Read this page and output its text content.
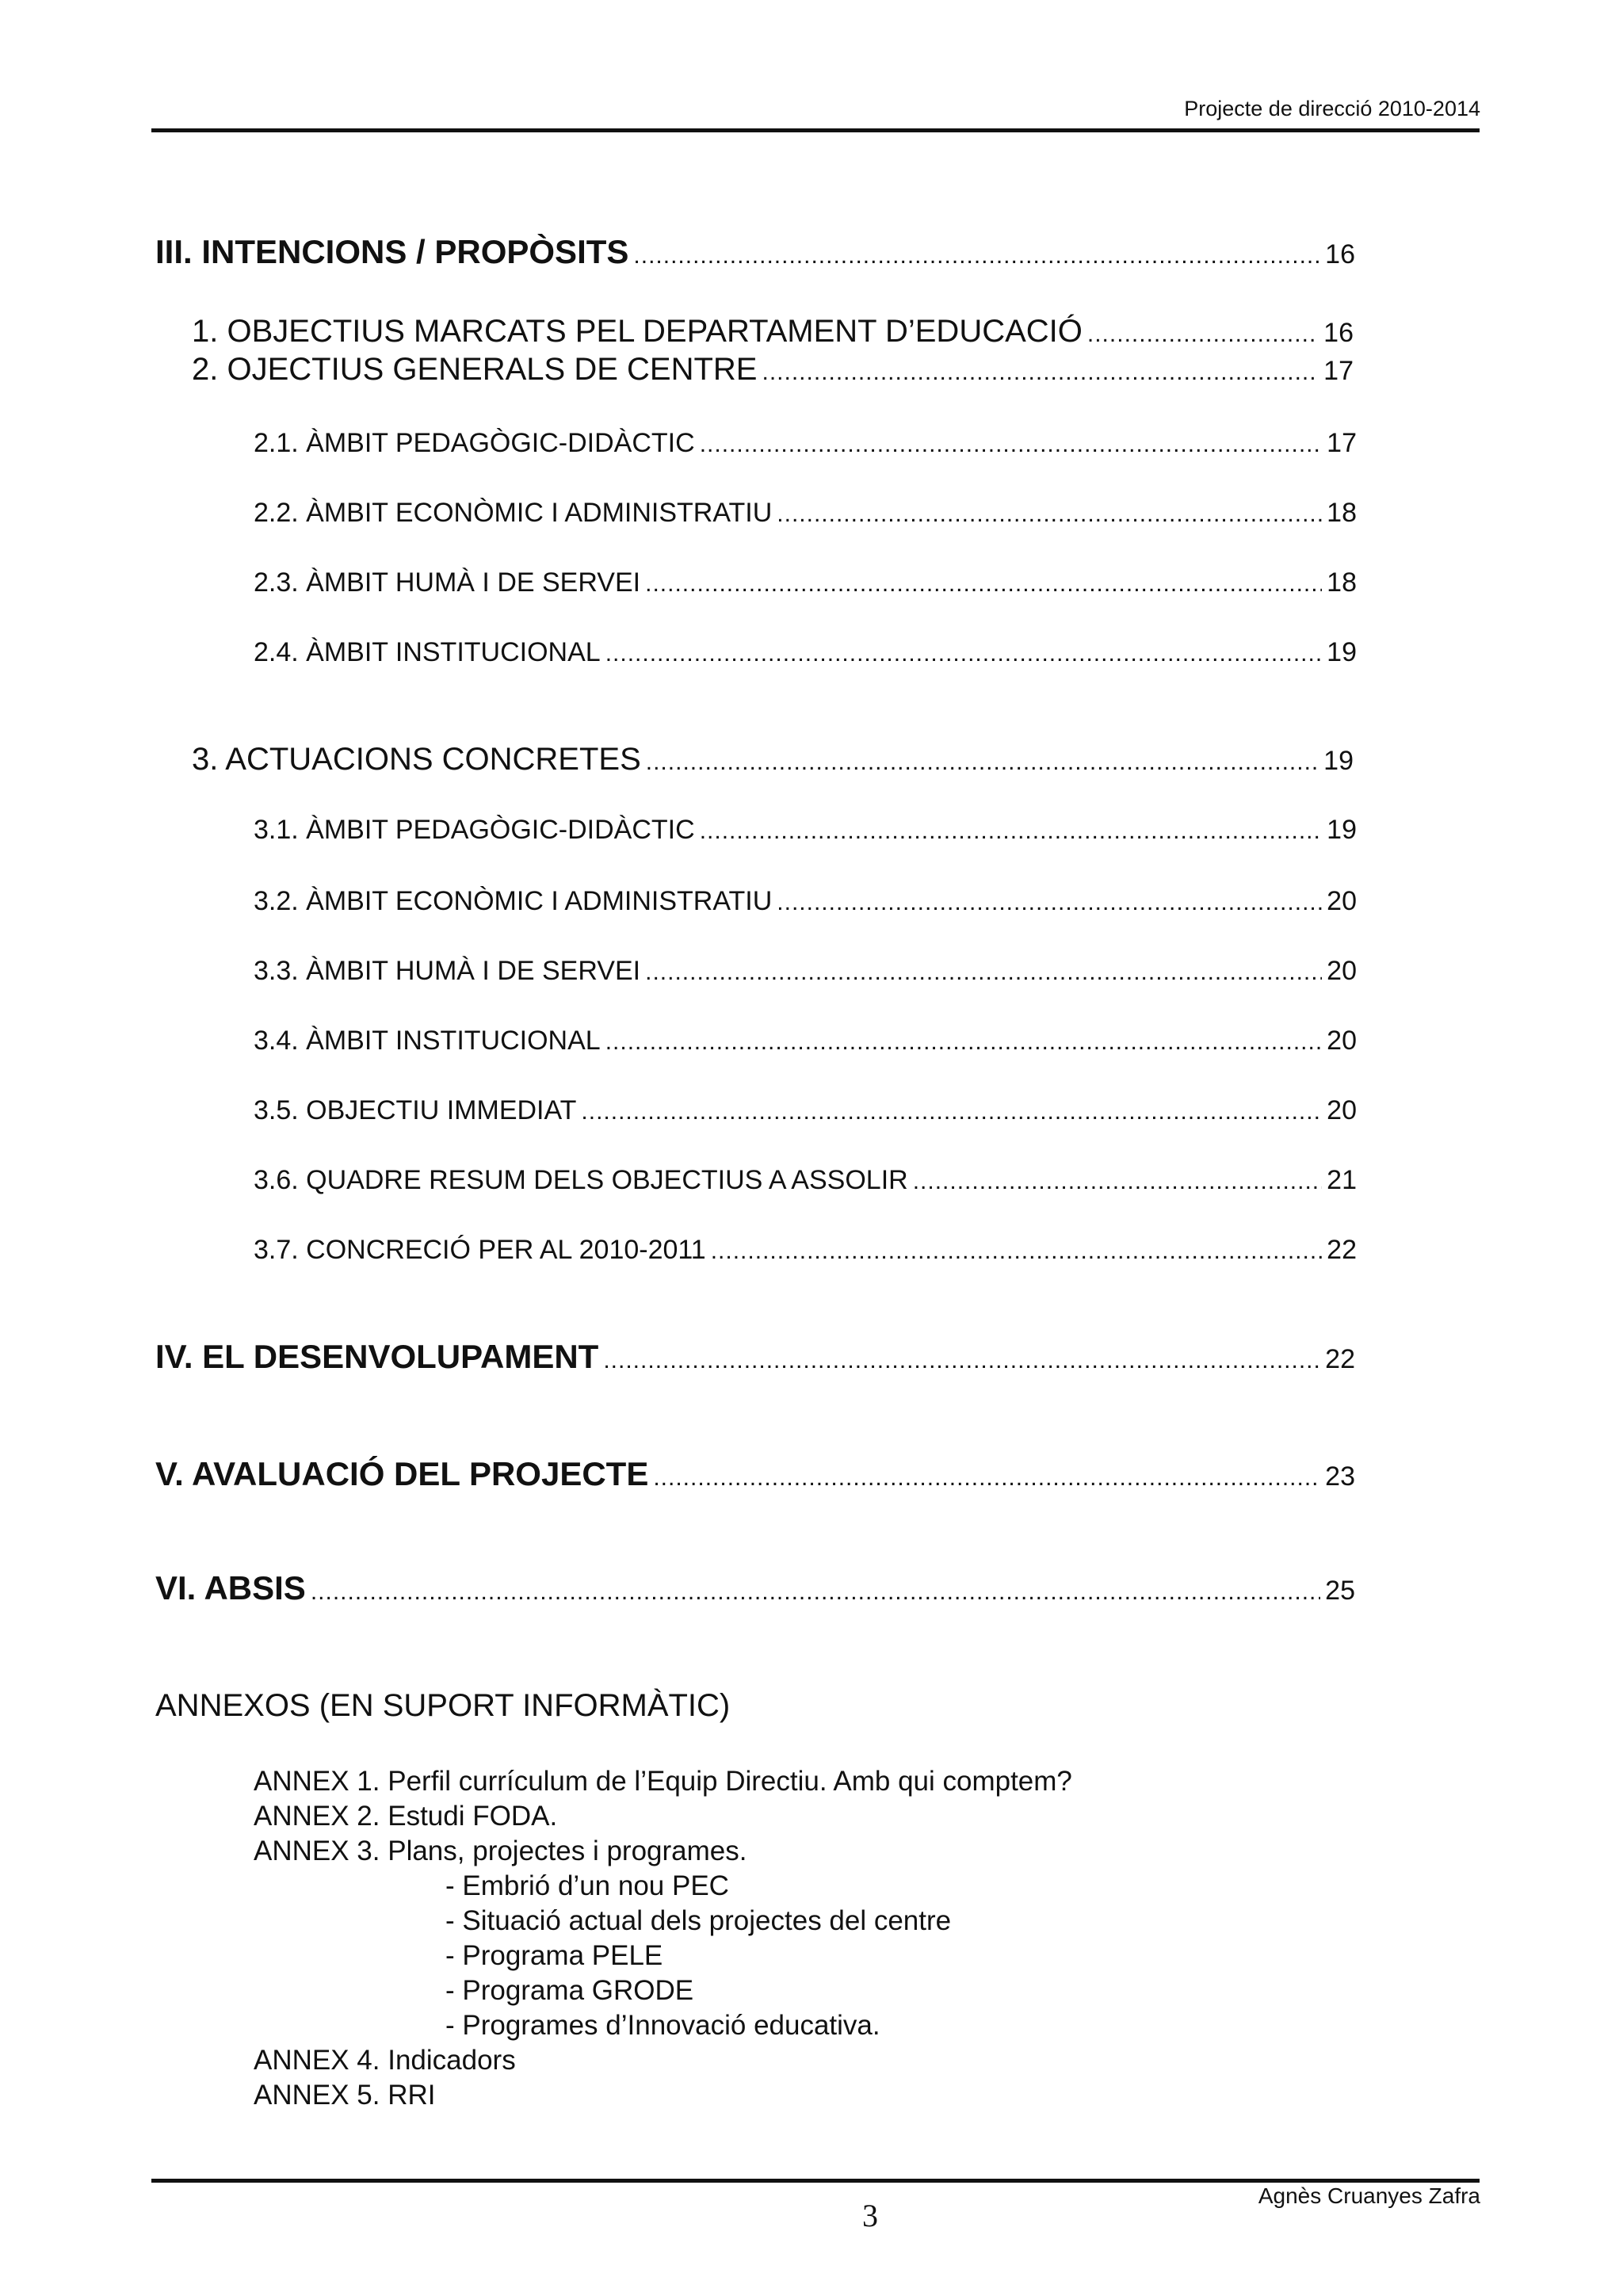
Projecte de direcció 2010-2014
III. INTENCIONS / PROPÒSITS .....	16
1. OBJECTIUS MARCATS PEL DEPARTAMENT D’EDUCACIÓ .....	16
2. OJECTIUS GENERALS DE CENTRE .....	17
2.1. ÀMBIT PEDAGÒGIC-DIDÀCTIC .....	17
2.2. ÀMBIT ECONÒMIC I ADMINISTRATIU .....	18
2.3. ÀMBIT HUMÀ I DE SERVEI .....	18
2.4. ÀMBIT INSTITUCIONAL .....	19
3. ACTUACIONS CONCRETES .....	19
3.1. ÀMBIT PEDAGÒGIC-DIDÀCTIC .....	19
3.2. ÀMBIT ECONÒMIC I ADMINISTRATIU .....	20
3.3. ÀMBIT HUMÀ I DE SERVEI .....	20
3.4. ÀMBIT INSTITUCIONAL .....	20
3.5. OBJECTIU IMMEDIAT .....	20
3.6. QUADRE RESUM DELS OBJECTIUS A ASSOLIR .....	21
3.7. CONCRECIÓ PER AL 2010-2011 .....	22
IV. EL DESENVOLUPAMENT .....	22
V. AVALUACIÓ DEL PROJECTE .....	23
VI. ABSIS .....	25
ANNEXOS (EN SUPORT INFORMÀTIC)
ANNEX 1. Perfil currículum de l’Equip Directiu. Amb qui comptem?
ANNEX 2. Estudi FODA.
ANNEX 3. Plans, projectes i programes.
- Embrió d’un nou PEC
- Situació actual dels projectes del centre
- Programa PELE
- Programa GRODE
- Programes d’Innovació educativa.
ANNEX 4. Indicadors
ANNEX 5. RRI
Agnès Cruanyes Zafra
3
